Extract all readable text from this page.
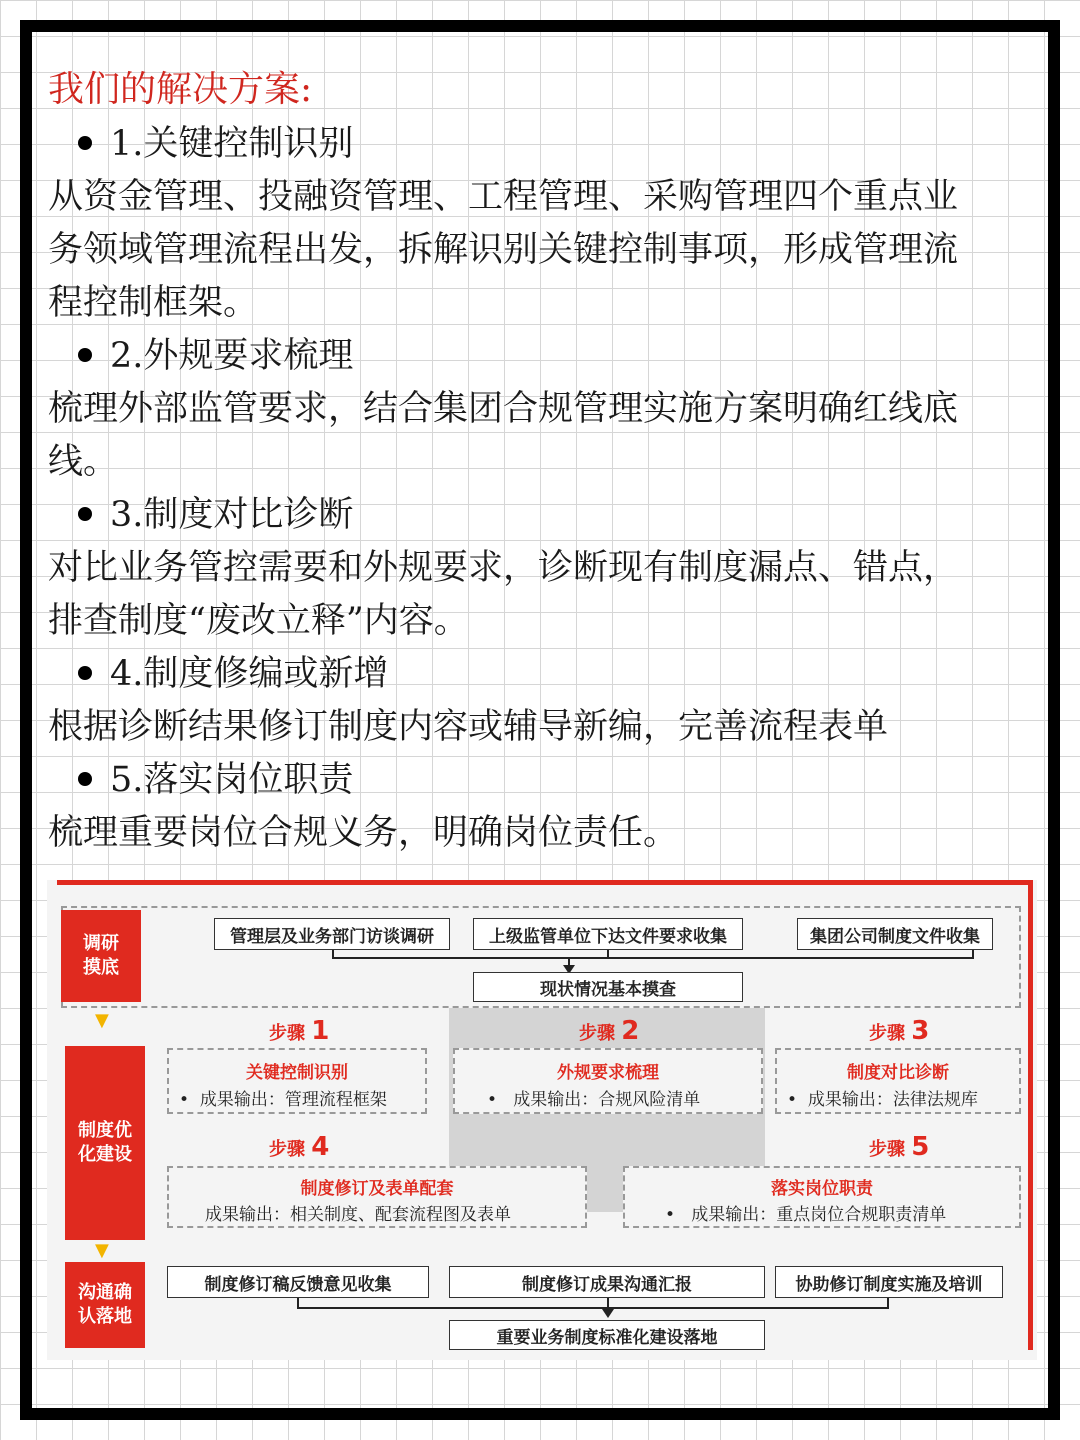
我们的解决方案:
1.关键控制识别
从资金管理、投融资管理、工程管理、采购管理四个重点业
务领域管理流程出发，拆解识别关键控制事项，形成管理流
程控制框架。
2.外规要求梳理
梳理外部监管要求，结合集团合规管理实施方案明确红线底
线。
3.制度对比诊断
对比业务管控需要和外规要求，诊断现有制度漏点、错点，
排查制度“废改立释”内容。
4.制度修编或新增
根据诊断结果修订制度内容或辅导新编，完善流程表单
5.落实岗位职责
梳理重要岗位合规义务，明确岗位责任。
调研
摸底
管理层及业务部门访谈调研	上级监管单位下达文件要求收集	集团公司制度文件收集
现状情况基本摸查
▼
▼
制度优
化建设
步骤 1
关键控制识别
•  成果输出：管理流程框架
步骤 2
外规要求梳理
•   成果输出：合规风险清单
步骤 3
制度对比诊断
•  成果输出：法律法规库
步骤 4
制度修订及表单配套
成果输出：相关制度、配套流程图及表单
步骤 5
落实岗位职责
•   成果输出：重点岗位合规职责清单
沟通确
认落地
制度修订稿反馈意见收集	制度修订成果沟通汇报	协助修订制度实施及培训
重要业务制度标准化建设落地
